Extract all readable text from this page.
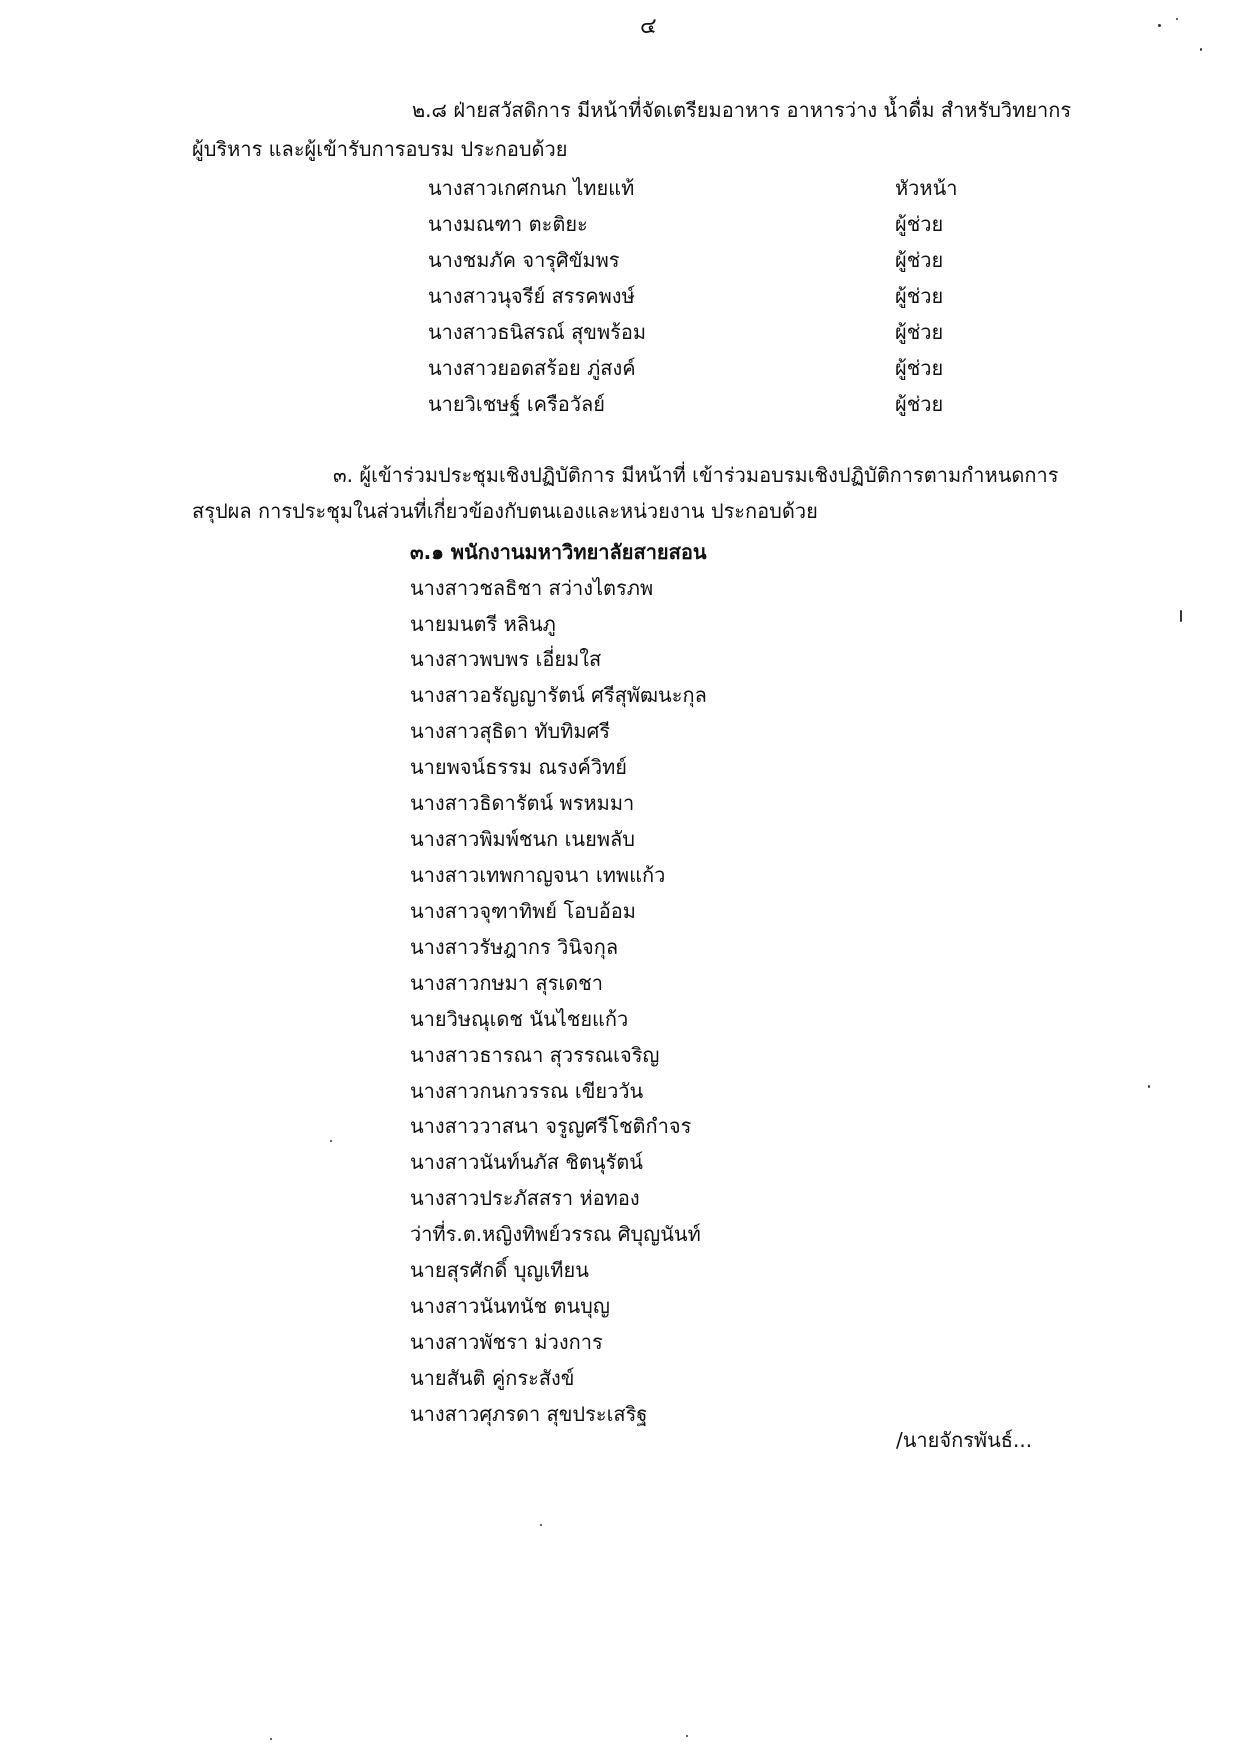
๔
๒.๘ ฝ่ายสวัสดิการ มีหน้าที่จัดเตรียมอาหาร อาหารว่าง น้ำดื่ม สำหรับวิทยากร
ผู้บริหาร และผู้เข้ารับการอบรม ประกอบด้วย
นางสาวเกศกนก ไทยแท้	หัวหน้า
นางมณฑา ตะติยะ	ผู้ช่วย
นางชมภัค จารุศิขัมพร	ผู้ช่วย
นางสาวนุจรีย์ สรรคพงษ์	ผู้ช่วย
นางสาวธนิสรณ์ สุขพร้อม	ผู้ช่วย
นางสาวยอดสร้อย ภู่สงค์	ผู้ช่วย
นายวิเชษฐ์ เครือวัลย์	ผู้ช่วย
๓. ผู้เข้าร่วมประชุมเชิงปฏิบัติการ มีหน้าที่ เข้าร่วมอบรมเชิงปฏิบัติการตามกำหนดการ
สรุปผล การประชุมในส่วนที่เกี่ยวข้องกับตนเองและหน่วยงาน ประกอบด้วย
๓.๑ พนักงานมหาวิทยาลัยสายสอน
นางสาวชลธิชา สว่างไตรภพ
นายมนตรี หลินภู
นางสาวพบพร เอี่ยมใส
นางสาวอรัญญารัตน์ ศรีสุพัฒนะกุล
นางสาวสุธิดา ทับทิมศรี
นายพจน์ธรรม ณรงค์วิทย์
นางสาวธิดารัตน์ พรหมมา
นางสาวพิมพ์ชนก เนยพลับ
นางสาวเทพกาญจนา เทพแก้ว
นางสาวจุฑาทิพย์ โอบอ้อม
นางสาวรัษฎากร วินิจกุล
นางสาวกษมา สุรเดชา
นายวิษณุเดช นันไชยแก้ว
นางสาวธารณา สุวรรณเจริญ
นางสาวกนกวรรณ เขียววัน
นางสาววาสนา จรูญศรีโชติกำจร
นางสาวนันท์นภัส ชิตนุรัตน์
นางสาวประภัสสรา ห่อทอง
ว่าที่ร.ต.หญิงทิพย์วรรณ ศิบุญนันท์
นายสุรศักดิ์ บุญเทียน
นางสาวนันทนัช ตนบุญ
นางสาวพัชรา ม่วงการ
นายสันติ คู่กระสังข์
นางสาวศุภรดา สุขประเสริฐ
/นายจักรพันธ์...
